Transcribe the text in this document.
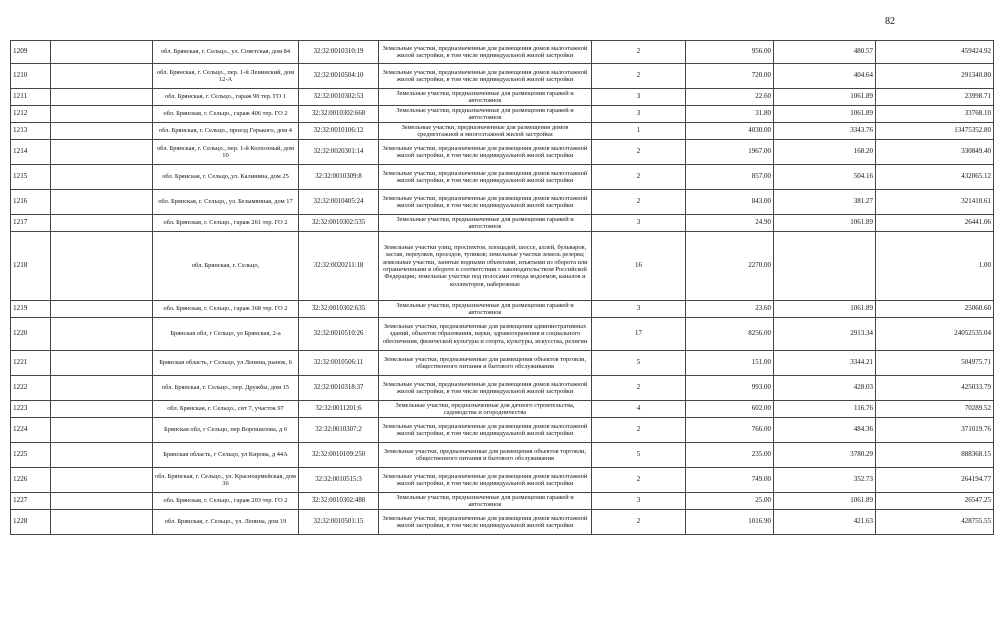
82
1209		обл. Брянская, г. Сельцо., ул. Советская, дом 84	32:32:0010310:19	Земельные участки, предназначенные для размещения домов малоэтажной жилой застройки, в том числе индивидуальной жилой застройки	2	956.00	480.57	459424.92
1210		обл. Брянская, г. Сельцо., пер. 1-й Ленинский, дом 12-А	32:32:0010504:10	Земельные участки, предназначенные для размещения домов малоэтажной жилой застройки, в том числе индивидуальной жилой застройки	2	720.00	404.64	291340.80
1211		обл. Брянская, г. Сельцо., гараж 90 тер. ГО 1	32:32:0010302:53	Земельные участки, предназначенные для размещения гаражей и автостоянок	3	22.60	1061.89	23998.71
1212		обл. Брянская, г. Сельцо., гараж 406 тер. ГО 2	32:32:0010302:668	Земельные участки, предназначенные для размещения гаражей и автостоянок	3	31.80	1061.89	33768.10
1213		обл. Брянская, г. Сельцо., проезд Горького, дом 4	32:32:0010106:12	Земельные участки, предназначенные для размещения домов среднеэтажной и многоэтажной жилой застройки	1	4030.00	3343.76	13475352.80
1214		обл. Брянская, г. Сельцо., пер. 1-й Колхозный, дом 10	32:32:0020301:14	Земельные участки, предназначенные для размещения домов малоэтажной жилой застройки, в том числе индивидуальной жилой застройки	2	1967.00	168.20	330849.40
1215		обл. Брянская, г. Сельцо,,ул. Калинина, дом 25	32:32:0010309:8	Земельные участки, предназначенные для размещения домов малоэтажной жилой застройки, в том числе индивидуальной жилой застройки	2	857.00	504.16	432065.12
1216		обл. Брянская, г. Сельцо,, ул. Безымянная, дом 17	32:32:0010405:24	Земельные участки, предназначенные для размещения домов малоэтажной жилой застройки, в том числе индивидуальной жилой застройки	2	843.00	381.27	321410.61
1217		обл. Брянская, г. Сельцо., гараж 261 тер. ГО 2	32:32:0010302:535	Земельные участки, предназначенные для размещения гаражей и автостоянок	3	24.90	1061.89	26441.06
1218		обл. Брянская, г. Сельцо,	32:32:0020211:18	Земельные участки улиц, проспектов, площадей, шоссе, аллей, бульваров, застав, переулков, проездов, тупиков; земельные участки земель резерва; земельные участки, занятые водными объектами, изъятыми из оборота или ограниченными в обороте в соответствии с законодательством Российской Федерации; земельные участки под полосами отвода водоемов, каналов и коллекторов, набережные	16	2270.00		1.00
1219		обл. Брянская, г. Сельцо., гараж 368 тер. ГО 2	32:32:0010302:635	Земельные участки, предназначенные для размещения гаражей и автостоянок	3	23.60	1061.89	25060.60
1220		Брянская обл, г Сельцо, ул Брянская, 2-а	32:32:0010510:26	Земельные участки, предназначенные для размещения административных зданий, объектов образования, науки, здравоохранения и социального обеспечения, физической культуры и спорта, культуры, искусства, религии	17	8256.00	2913.34	24052535.04
1221		Брянская область, г Сельцо, ул Ленина, рынок, 6	32:32:0010506:11	Земельные участки, предназначенные для размещения объектов торговли, общественного питания и бытового обслуживания	5	151.00	3344.21	504975.71
1222		обл. Брянская, г. Сельцо., пер. Дружбы, дом 15	32:32:0010318:37	Земельные участки, предназначенные для размещения домов малоэтажной жилой застройки, в том числе индивидуальной жилой застройки	2	993.00	428.03	425033.79
1223		обл. Брянская, г. Сельцо., снт 7, участок 97	32:32:0011201:6	Земельные участки, предназначенные для дачного строительства, садоводства и огородничества	4	602.00	116.76	70289.52
1224		Брянская обл, г Сельцо, пер Ворошилова, д 6	32:32:0010307:2	Земельные участки, предназначенные для размещения домов малоэтажной жилой застройки, в том числе индивидуальной жилой застройки	2	766.00	484.36	371019.76
1225		Брянская область, г Сельцо, ул Кирова, д 44А	32:32:0010109:250	Земельные участки, предназначенные для размещения объектов торговли, общественного питания и бытового обслуживания	5	235.00	3780.29	888368.15
1226		обл. Брянская, г. Сельцо., ул. Красноармейская, дом 36	32:32:0010515:3	Земельные участки, предназначенные для размещения домов малоэтажной жилой застройки, в том числе индивидуальной жилой застройки	2	749.00	352.73	264194.77
1227		обл. Брянская, г. Сельцо., гараж 203 тер. ГО 2	32:32:0010302:488	Земельные участки, предназначенные для размещения гаражей и автостоянок	3	25.00	1061.89	26547.25
1228		обл. Брянская, г. Сельцо., ул. Ленина, дом 19	32:32:0010501:15	Земельные участки, предназначенные для размещения домов малоэтажной жилой застройки, в том числе индивидуальной жилой застройки	2	1016.90	421.63	428755.55
